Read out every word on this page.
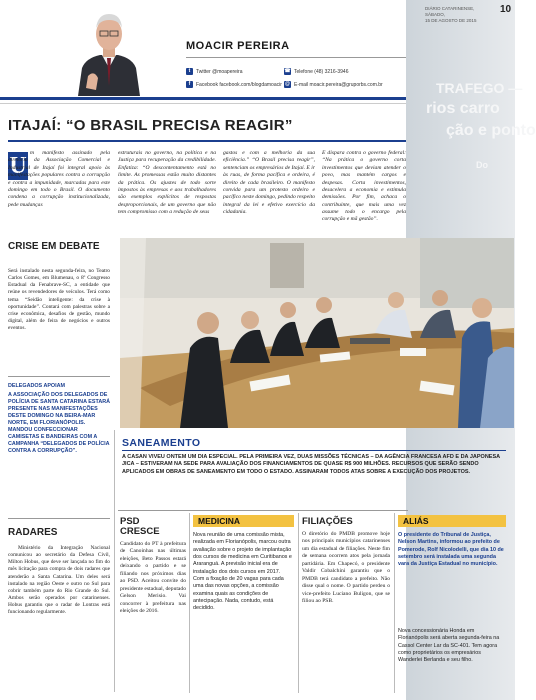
TRAFEGO —
rios carro
ção e ponto
Do
DIÁRIO CATARINENSE,
SÁBADO,
15 DE AGOSTO DE 2015
10
MOACIR PEREIRA
t	Twitter @moapereira
f	Facebook facebook.com/blogdamoacir
☎ Telefone (48) 3216-3946
@ E-mail moacir.pereira@gruporbs.com.br
ITAJAÍ: “O BRASIL PRECISA REAGIR”
U m manifesto assinado pela diretoria da Associação Comercial e Industrial de Itajaí foi integral apoio às manifestações populares contra a corrupção e contra a impunidade, marcadas para este domingo em todo o Brasil. O documento condena a corrupção institucionalizada, pede mudanças

estruturais no governo, na política e na Justiça para recuperação da credibilidade. Enfatiza: “O descontentamento está no limite. As promessas estão muito distantes da prática. Os ajustes de todo sorte impostos às empresas e aos trabalhadores são exemplos explícitos de respostas desproporcionais, de um governo que não tem compromisso com a redução de seus

gastos e com a melhoria da sua eficiência.” “O Brasil precisa reagir”, sentenciam os empresários de Itajaí. E ir às ruas, de forma pacífica e ordeira, é direito de cada brasileiro. O manifesto convida para um protesto ordeiro e pacífico neste domingo, pedindo respeito integral da lei e efetivo exercício da cidadania.

E dispara contra o governo federal: “Na prática o governo corta investimentos que deviam atender o povo, mas mantém cargos e despesas. Corta investimentos, desacelera a economia e estimula demissões. Por fim, achaca o contribuinte, que mais uma vez assume todo o encargo pela corrupção e mã gestão”.

CRISE EM DEBATE
Será instalado nesta segunda-feira, no Teatro Carlos Gomes, em Blumenau, o 8º Congresso Estadual da Fenabrave-SC, a entidade que reúne os revendedores de veículos. Terá como tema “Seidão inteligente: da crise à oportunidade”. Contará com palestras sobre a crise econômica, desafios de gestão, mundo digital, além de feira de negócios e outros eventos.
DELEGADOS APOIAM
A ASSOCIAÇÃO DOS DELEGADOS DE POLÍCIA DE SANTA CATARINA ESTARÁ PRESENTE NAS MANIFESTAÇÕES DESTE DOMINGO NA BEIRA-MAR NORTE, EM FLORIANÓPOLIS. MANDOU CONFECCIONAR CAMISETAS E BANDEIRAS COM A CAMPANHA “DELEGADOS DE POLÍCIA CONTRA A CORRUPÇÃO”.
RADARES
Ministério da Integração Nacional comunicou ao secretário da Defesa Civil, Milton Hobus, que deve ser lançada no fim do mês licitação para compra de dois radares que atenderão a Santa Catarina. Um deles será instalado na região Oeste e outro no Sul para cobrir também parte do Rio Grande do Sul. Ambos serão operados por catarinenses. Hobus garantiu que o radar de Lontras está funcionando regularmente.
SANEAMENTO
A CASAN VIVEU ONTEM UM DIA ESPECIAL. PELA PRIMEIRA VEZ, DUAS MISSÕES TÉCNICAS – DA AGÊNCIA FRANCESA AFD E DA JAPONESA JICA – ESTIVERAM NA SEDE PARA AVALIAÇÃO DOS FINANCIAMENTOS DE QUASE R$ 900 MILHÕES. RECURSOS QUE SERÃO SENDO APLICADOS EM OBRAS DE SANEAMENTO EM TODO O ESTADO. ASSINARAM TODOS ATAS SOBRE A EXECUÇÃO DOS PROJETOS.
PSD CRESCE
Candidato do PT à prefeitura de Canoinhas nas últimas eleições, Beto Passos estará deixando o partido e se filiando nos próximos dias ao PSD. Aceitou convite do presidente estadual, deputado Gelson Merisio. Vai concorrer à prefeitura nas eleições de 2016.
MEDICINA
Nova reunião de uma comissão mista, realizada em Florianópolis, marcou outra avaliação sobre o projeto de implantação dos cursos de medicina em Curitibanos e Araranguá. A previsão inicial era de instalação dos dois cursos em 2017. Com a fixação de 20 vagas para cada uma das novas opções, a comissão examina quais as condições de antecipação. Nada, contudo, está decidido.
FILIAÇÕES
O diretório do PMDB promove hoje nos principais municípios catarinenses um dia estadual de filiações. Neste fim de semana ocorrem atos pela jornada partidária. Em Chapecó, o presidente Valdir Cobalchini garantiu que o PMDB terá candidato a prefeito. Não disse qual o nome. O partido perdeu o vice-prefeito Luciano Buligon, que se filiou ao PSB.
ALIÁS
O presidente do Tribunal de Justiça, Nelson Martins, informou ao prefeito de Pomerode, Rolf Nicolodelli, que dia 10 de setembro será instalada uma segunda vara da Justiça Estadual no município.
Nova concessionária Honda em Florianópolis será aberta segunda-feira na Cassol Center Lar da SC-401. Tem agora como proprietários os empresários Wanderlei Berlanda e seu filho.
